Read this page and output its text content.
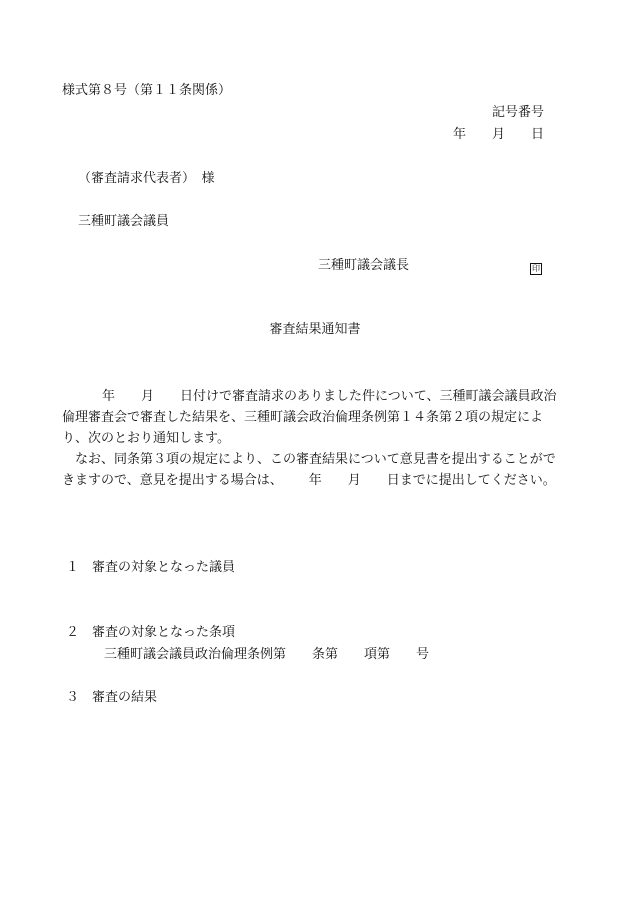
様式第８号（第１１条関係）
記号番号
年　　月　　日
（審査請求代表者）　様
三種町議会議員
三種町議会議長	印
審査結果通知書
年　　月　　日付けで審査請求のありました件について、三種町議会議員政治倫理審査会で審査した結果を、三種町議会政治倫理条例第１４条第２項の規定により、次のとおり通知します。
なお、同条第３項の規定により、この審査結果について意見書を提出することができますので、意見を提出する場合は、 年　　月　　日までに提出してください。
１ 審査の対象となった議員
２ 審査の対象となった条項
三種町議会議員政治倫理条例第　　条第　　項第　　号
３ 審査の結果
